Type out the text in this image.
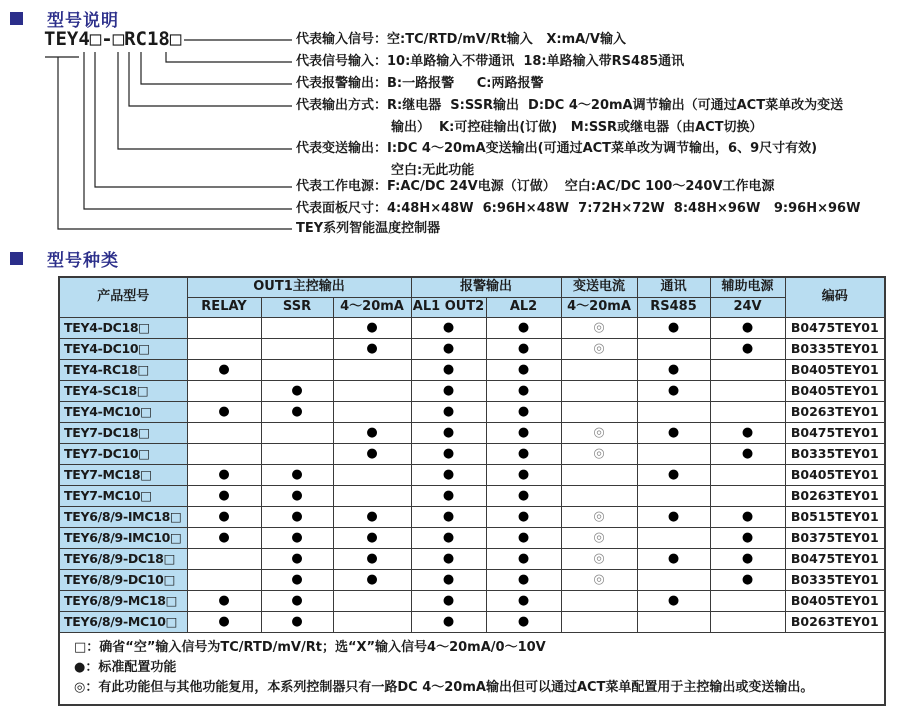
型号说明
TEY4□-□RC18□	代表输入信号：空:TC/RTD/mV/Rt输入   X:mA/V输入
代表信号输入：10:单路输入不带通讯  18:单路输入带RS485通讯
代表报警输出：B:一路报警     C:两路报警
代表输出方式：R:继电器  S:SSR输出  D:DC 4～20mA调节输出（可通过ACT菜单改为变送
输出）  K:可控硅输出(订做)   M:SSR或继电器（由ACT切换）
代表变送输出：I:DC 4～20mA变送输出(可通过ACT菜单改为调节输出，6、9尺寸有效)
空白:无此功能
代表工作电源：F:AC/DC 24V电源（订做）  空白:AC/DC 100～240V工作电源
代表面板尺寸：4:48H×48W  6:96H×48W  7:72H×72W  8:48H×96W   9:96H×96W
TEY系列智能温度控制器
型号种类
产品型号	OUT1主控输出			报警输出		变送电流	通讯	辅助电源	编码
	RELAY	SSR	4～20mA	AL1 OUT2	AL2	4～20mA	RS485	24V	
TEY4-DC18□			●	●	●	◎	●	●	B0475TEY01
TEY4-DC10□			●	●	●	◎		●	B0335TEY01
TEY4-RC18□	●			●	●		●		B0405TEY01
TEY4-SC18□		●		●	●		●		B0405TEY01
TEY4-MC10□	●	●		●	●				B0263TEY01
TEY7-DC18□			●	●	●	◎	●	●	B0475TEY01
TEY7-DC10□			●	●	●	◎		●	B0335TEY01
TEY7-MC18□	●	●		●	●		●		B0405TEY01
TEY7-MC10□	●	●		●	●				B0263TEY01
TEY6/8/9-IMC18□	●	●	●	●	●	◎	●	●	B0515TEY01
TEY6/8/9-IMC10□	●	●	●	●	●	◎		●	B0375TEY01
TEY6/8/9-DC18□		●	●	●	●	◎	●	●	B0475TEY01
TEY6/8/9-DC10□		●	●	●	●	◎		●	B0335TEY01
TEY6/8/9-MC18□	●	●		●	●		●		B0405TEY01
TEY6/8/9-MC10□	●	●		●	●				B0263TEY01

□：确省“空”输入信号为TC/RTD/mV/Rt；选“X”输入信号4～20mA/0～10V
●：标准配置功能
◎：有此功能但与其他功能复用，本系列控制器只有一路DC 4～20mA输出但可以通过ACT菜单配置用于主控输出或变送输出。									
